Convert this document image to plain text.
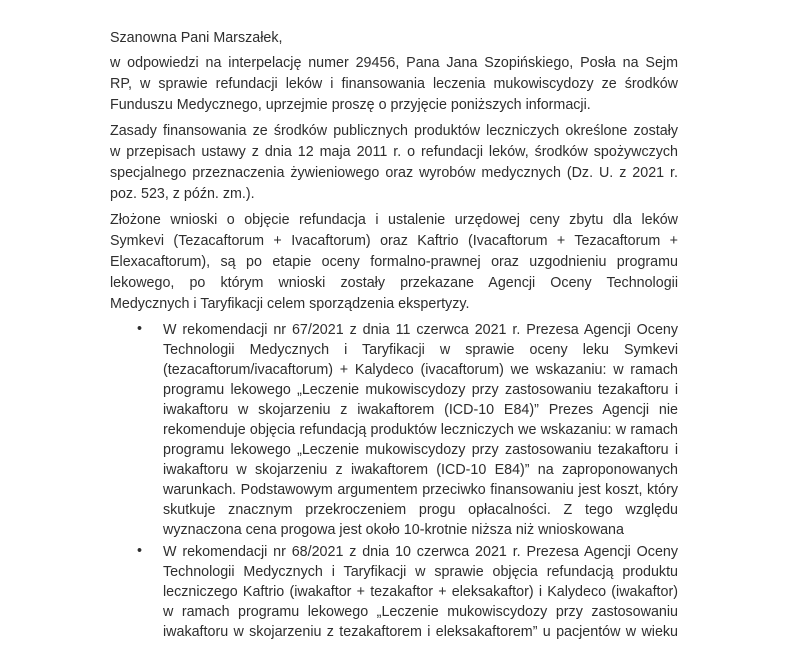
Szanowna Pani Marszałek,

w odpowiedzi na interpelację numer 29456, Pana Jana Szopińskiego, Posła na Sejm
RP, w sprawie refundacji leków i finansowania leczenia mukowiscydozy ze środków
Funduszu Medycznego, uprzejmie proszę o przyjęcie poniższych informacji.
Zasady finansowania ze środków publicznych produktów leczniczych określone zostały
w przepisach ustawy z dnia 12 maja 2011 r. o refundacji leków, środków spożywczych
specjalnego przeznaczenia żywieniowego oraz wyrobów medycznych (Dz. U. z 2021 r.
poz. 523, z późn. zm.).
Złożone wnioski o objęcie refundacja i ustalenie urzędowej ceny zbytu dla leków
Symkevi (Tezacaftorum + Ivacaftorum) oraz Kaftrio (Ivacaftorum + Tezacaftorum +
Elexacaftorum), są po etapie oceny formalno-prawnej oraz uzgodnieniu programu
lekowego, po którym wnioski zostały przekazane Agencji Oceny Technologii
Medycznych i Taryfikacji celem sporządzenia ekspertyzy.
•	W rekomendacji nr 67/2021 z dnia 11 czerwca 2021 r. Prezesa Agencji Oceny
Technologii Medycznych i Taryfikacji w sprawie oceny leku Symkevi
(tezacaftorum/ivacaftorum) + Kalydeco (ivacaftorum) we wskazaniu: w ramach
programu lekowego „Leczenie mukowiscydozy przy zastosowaniu tezakaftoru i
iwakaftoru w skojarzeniu z iwakaftorem (ICD-10 E84)” Prezes Agencji nie
rekomenduje objęcia refundacją produktów leczniczych we wskazaniu: w ramach
programu lekowego „Leczenie mukowiscydozy przy zastosowaniu tezakaftoru i
iwakaftoru w skojarzeniu z iwakaftorem (ICD-10 E84)” na zaproponowanych
warunkach. Podstawowym argumentem przeciwko finansowaniu jest koszt, który
skutkuje znacznym przekroczeniem progu opłacalności. Z tego względu
wyznaczona cena progowa jest około 10-krotnie niższa niż wnioskowana
•	W rekomendacji nr 68/2021 z dnia 10 czerwca 2021 r. Prezesa Agencji Oceny
Technologii Medycznych i Taryfikacji w sprawie objęcia refundacją produktu
leczniczego Kaftrio (iwakaftor + tezakaftor + eleksakaftor) i Kalydeco (iwakaftor)
w ramach programu lekowego „Leczenie mukowiscydozy przy zastosowaniu
iwakaftoru w skojarzeniu z tezakaftorem i eleksakaftorem” u pacjentów w wieku
